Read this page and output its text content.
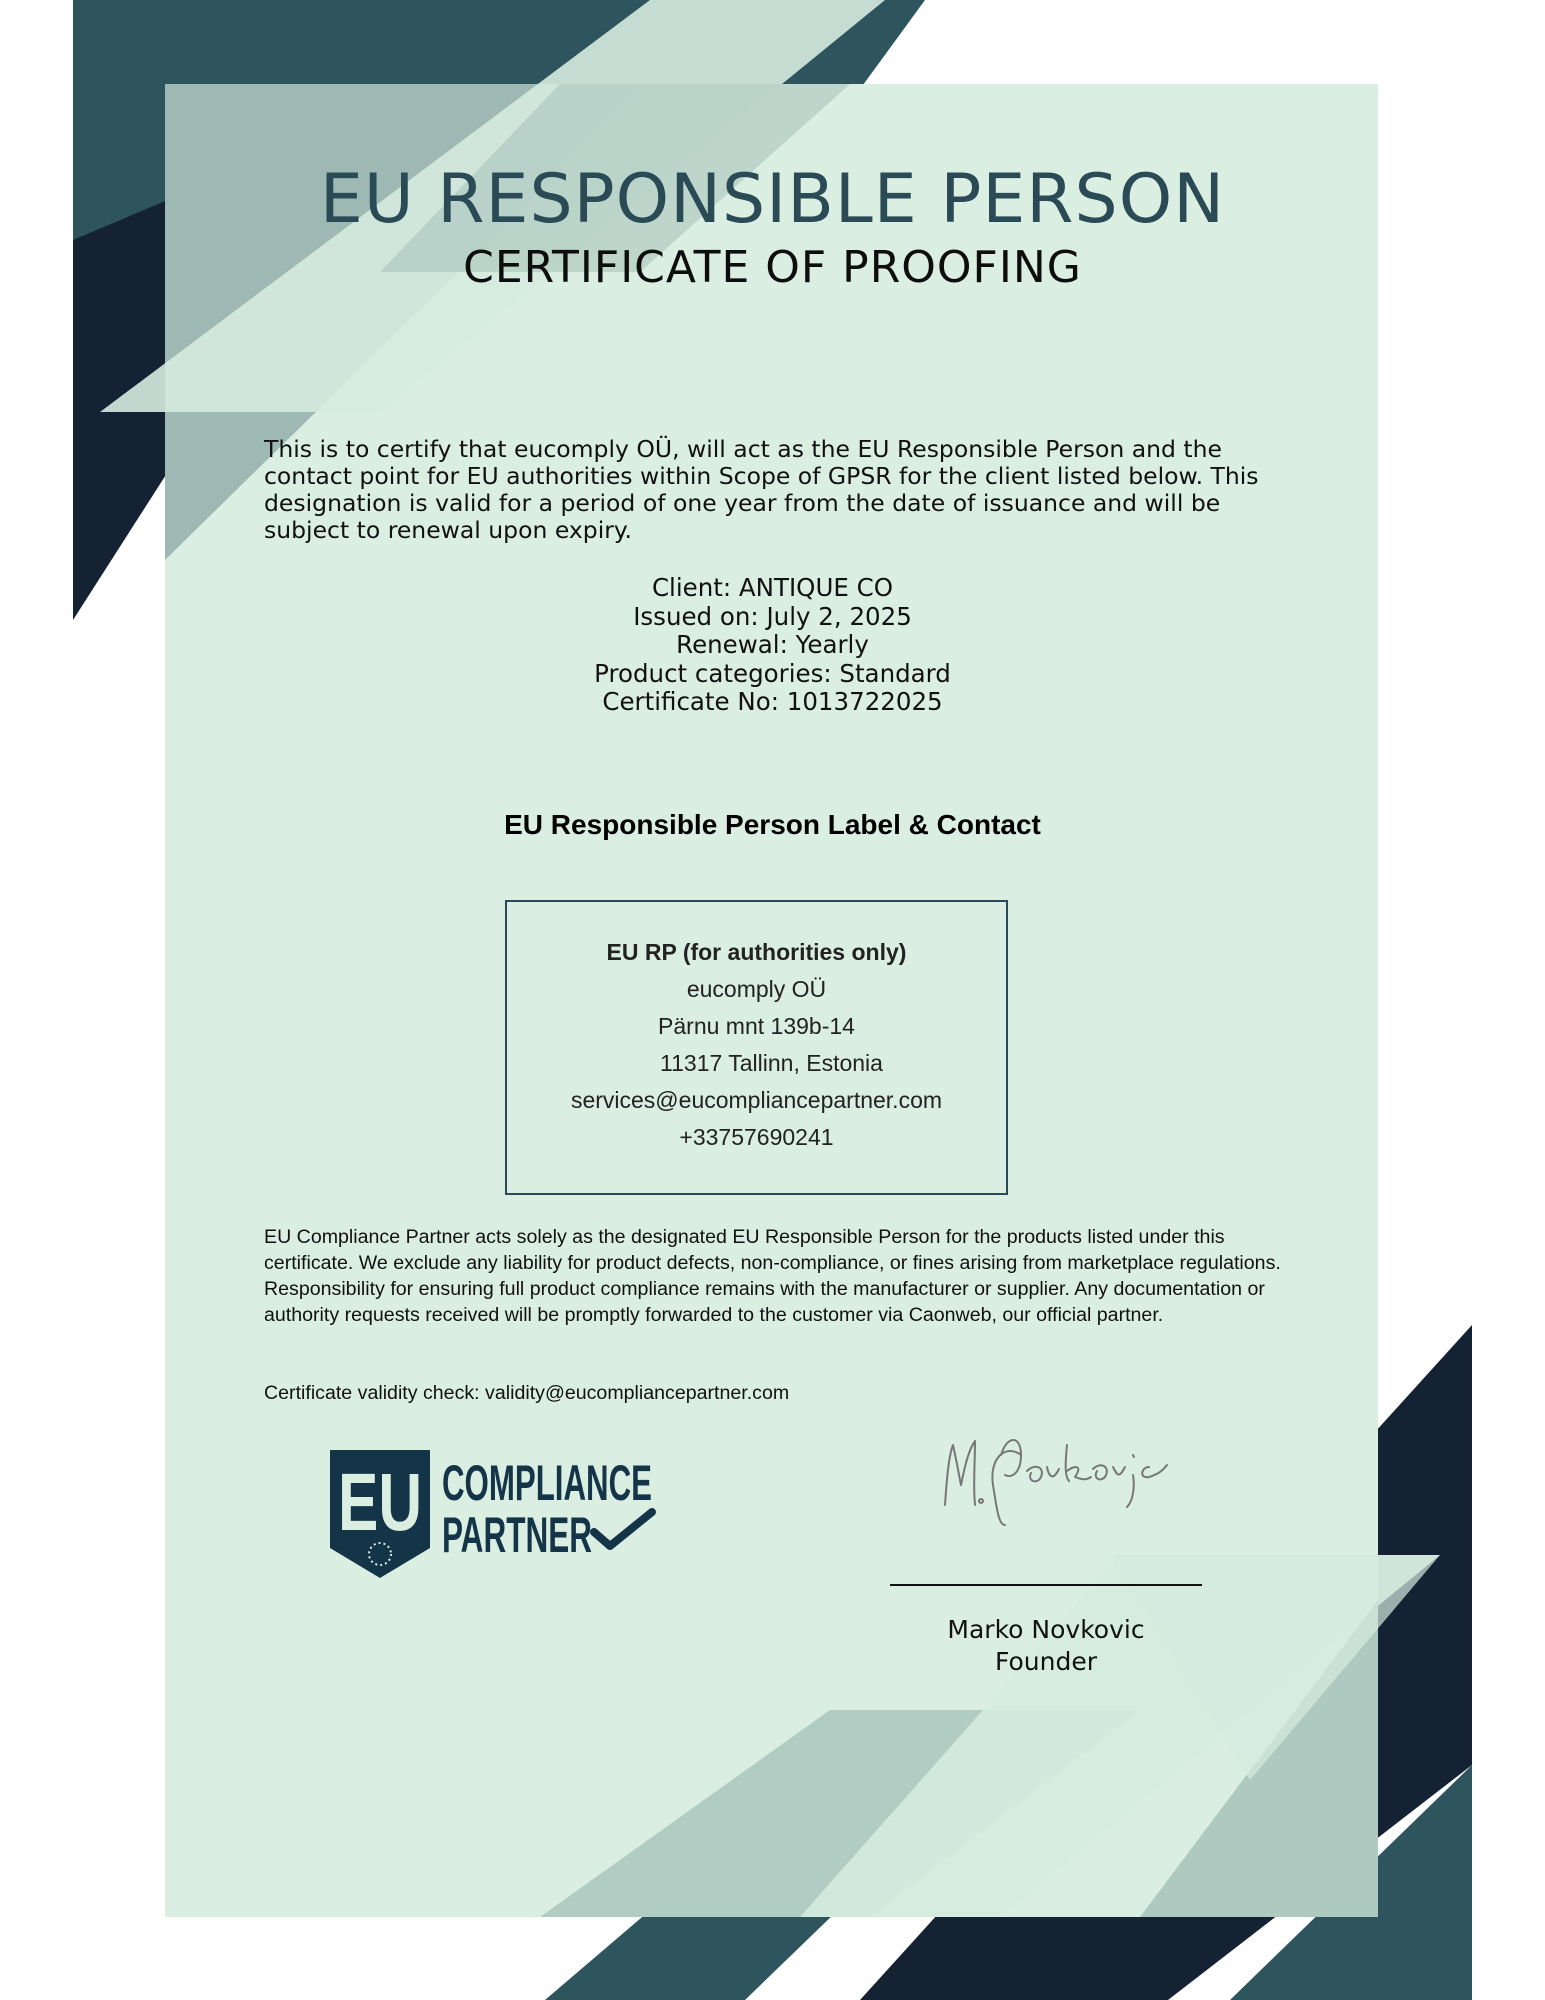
EU RESPONSIBLE PERSON
CERTIFICATE OF PROOFING

This is to certify that eucomply OÜ, will act as the EU Responsible Person and the contact point for EU authorities within Scope of GPSR for the client listed below. This designation is valid for a period of one year from the date of issuance and will be subject to renewal upon expiry.

Client: ANTIQUE CO
Issued on: July 2, 2025
Renewal: Yearly
Product categories: Standard
Certificate No: 1013722025
EU Responsible Person Label & Contact
EU RP (for authorities only)
eucomply OÜ
Pärnu mnt 139b-14
11317 Tallinn, Estonia
services@eucompliancepartner.com
+33757690241

EU Compliance Partner acts solely as the designated EU Responsible Person for the products listed under this certificate. We exclude any liability for product defects, non-compliance, or fines arising from marketplace regulations. Responsibility for ensuring full product compliance remains with the manufacturer or supplier. Any documentation or authority requests received will be promptly forwarded to the customer via Caonweb, our official partner.

Certificate validity check: validity@eucompliancepartner.com
EU COMPLIANCE
PARTNER
Marko Novkovic
Founder
